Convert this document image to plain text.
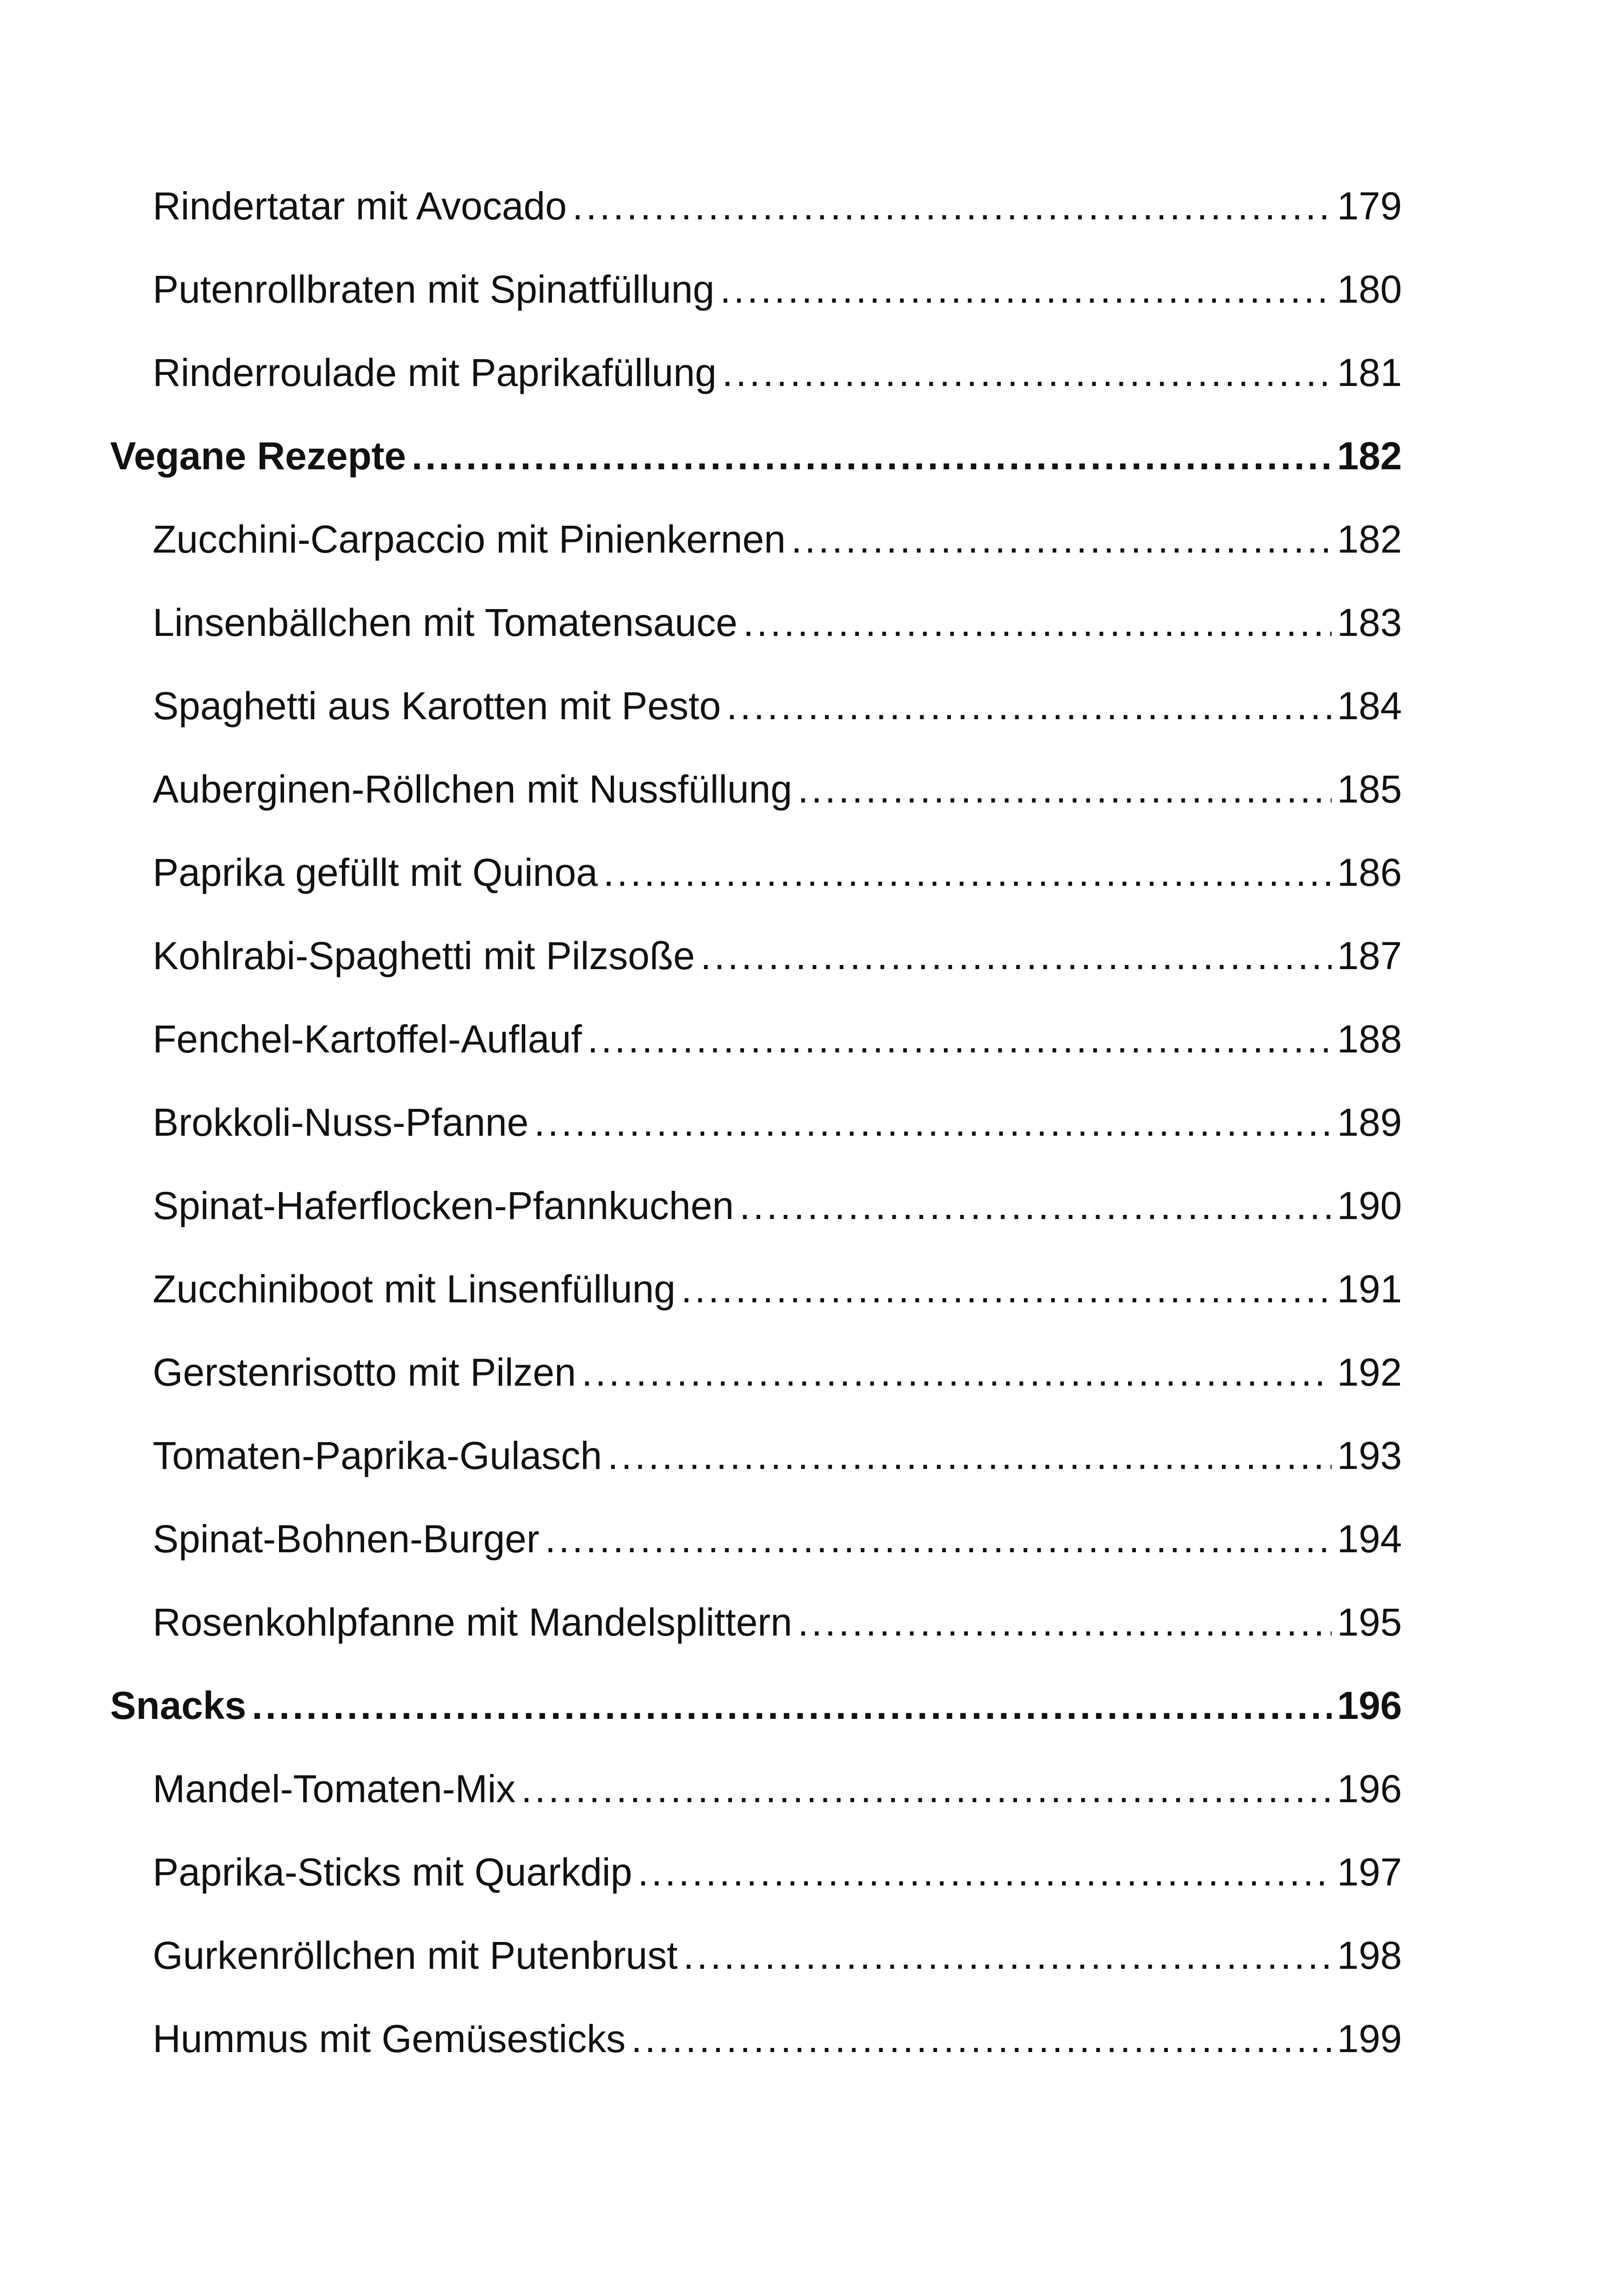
Rindertatar mit Avocado .....	179
Putenrollbraten mit Spinatfüllung .....	180
Rinderroulade mit Paprikafüllung .....	181
Vegane Rezepte .....	182
Zucchini-Carpaccio mit Pinienkernen .....	182
Linsenbällchen mit Tomatensauce .....	183
Spaghetti aus Karotten mit Pesto .....	184
Auberginen-Röllchen mit Nussfüllung .....	185
Paprika gefüllt mit Quinoa .....	186
Kohlrabi-Spaghetti mit Pilzsoße .....	187
Fenchel-Kartoffel-Auflauf .....	188
Brokkoli-Nuss-Pfanne .....	189
Spinat-Haferflocken-Pfannkuchen .....	190
Zucchiniboot mit Linsenfüllung .....	191
Gerstenrisotto mit Pilzen .....	192
Tomaten-Paprika-Gulasch .....	193
Spinat-Bohnen-Burger .....	194
Rosenkohlpfanne mit Mandelsplittern .....	195
Snacks .....	196
Mandel-Tomaten-Mix .....	196
Paprika-Sticks mit Quarkdip .....	197
Gurkenröllchen mit Putenbrust .....	198
Hummus mit Gemüsesticks .....	199
